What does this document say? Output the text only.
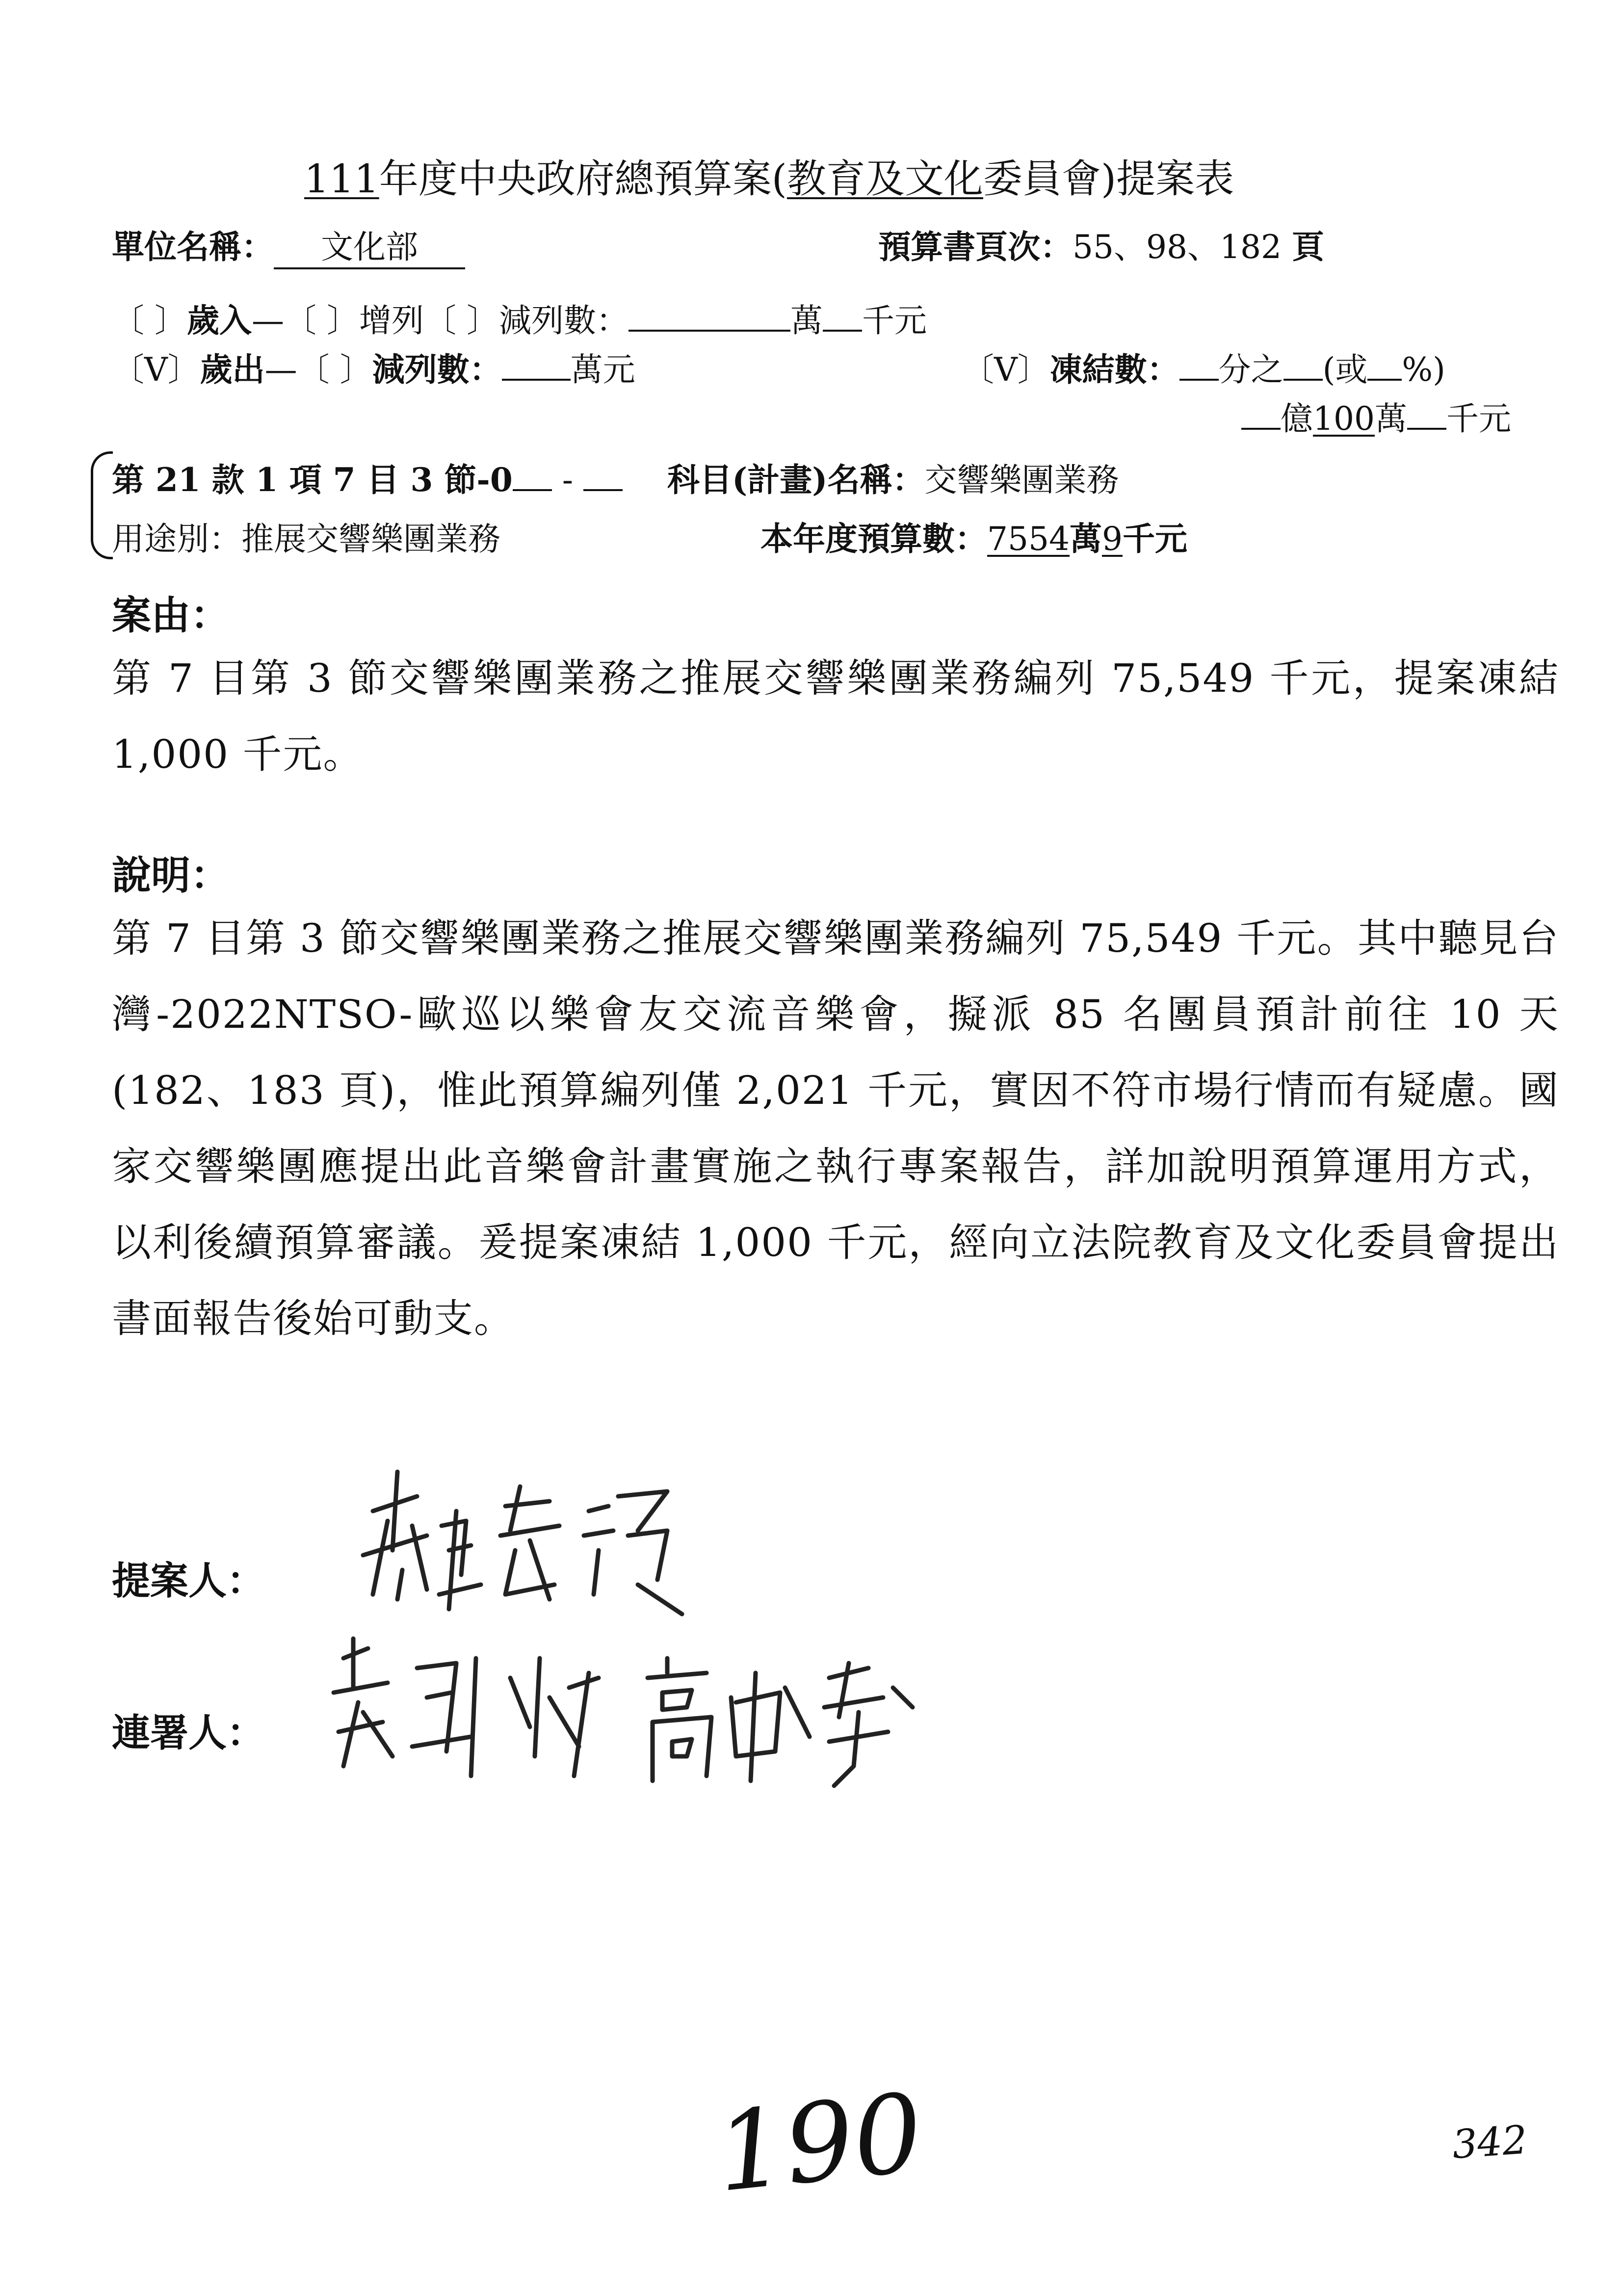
111年度中央政府總預算案(教育及文化委員會)提案表
單位名稱： 文化部	預算書頁次：55、98、182 頁
〔 〕歲入—〔 〕增列〔 〕減列數：	萬 千元
〔V〕歲出—〔 〕減列數： 萬元	〔V〕凍結數： 分之 (或 %)
億100萬 千元
第 21 款 1 項 7 目 3 節-0 -	科目(計畫)名稱：交響樂團業務
用途別：推展交響樂團業務	本年度預算數：7554萬9千元
案由：
第 7 目第 3 節交響樂團業務之推展交響樂團業務編列 75,549 千元，提案凍結 1,000 千元。
說明：
第 7 目第 3 節交響樂團業務之推展交響樂團業務編列 75,549 千元。其中聽見台灣-2022NTSO-歐巡以樂會友交流音樂會，擬派 85 名團員預計前往 10 天(182、183 頁)，惟此預算編列僅 2,021 千元，實因不符市場行情而有疑慮。國家交響樂團應提出此音樂會計畫實施之執行專案報告，詳加說明預算運用方式，以利後續預算審議。爰提案凍結 1,000 千元，經向立法院教育及文化委員會提出書面報告後始可動支。
提案人：
連署人：
190	342
